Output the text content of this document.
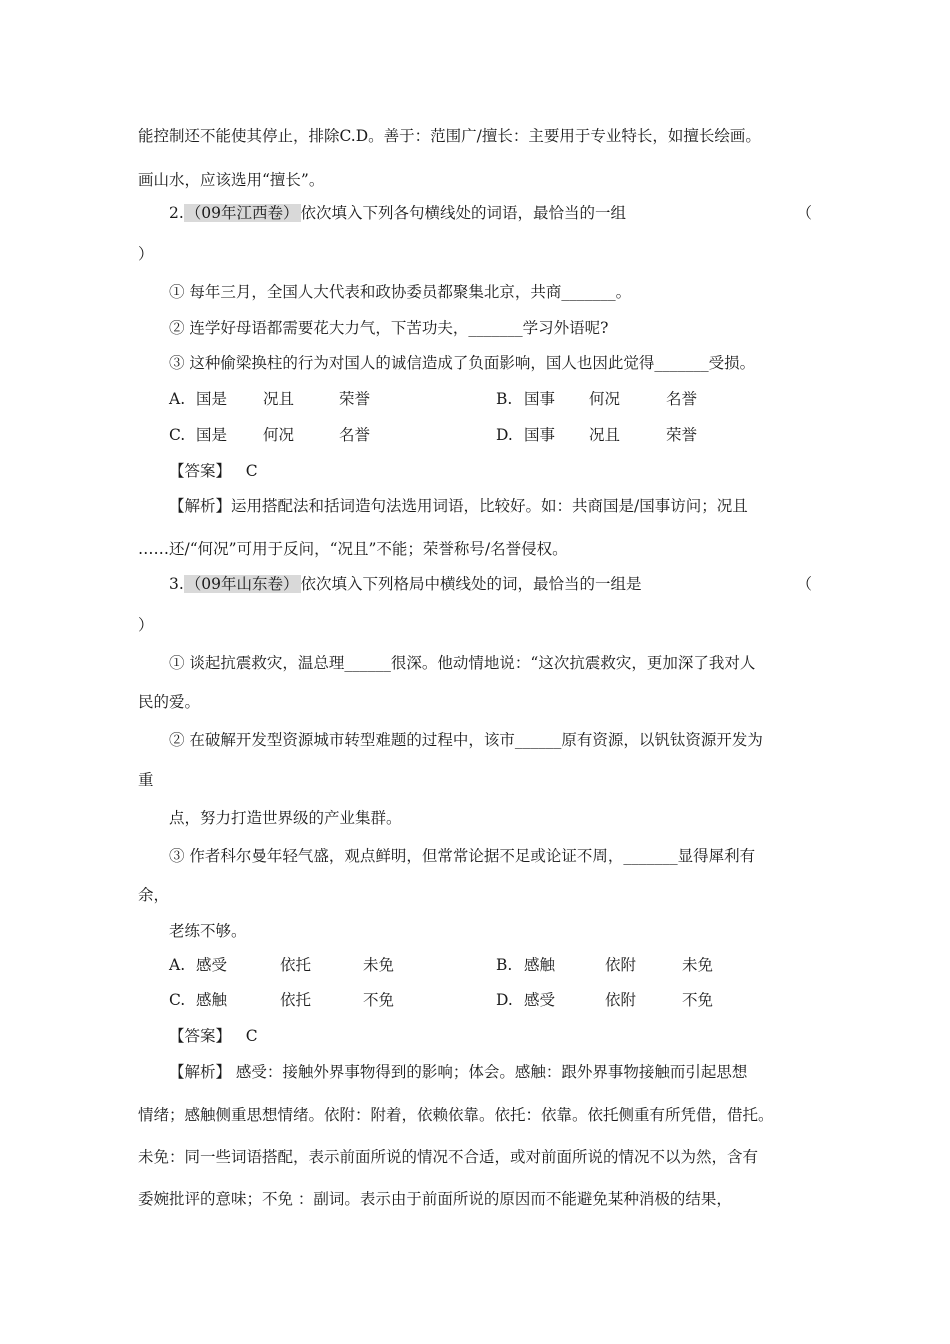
能控制还不能使其停止，排除C.D。善于：范围广/擅长：主要用于专业特长，如擅长绘画。
画山水，应该选用“擅长”。
2. （09年江西卷） 依次填入下列各句横线处的词语，最恰当的一组	（
）
① 每年三月，全国人大代表和政协委员都聚集北京，共商_______。
② 连学好母语都需要花大力气，下苦功夫，_______学习外语呢?
③ 这种偷梁换柱的行为对国人的诚信造成了负面影响，国人也因此觉得_______受损。
A. 国是 况且	荣誉	B. 国事 何况	名誉
C. 国是 何况	名誉	D. 国事 况且	荣誉
【答案】 C
【解析】运用搭配法和括词造句法选用词语，比较好。如：共商国是/国事访问；况且
……还/“何况”可用于反问，“况且”不能；荣誉称号/名誉侵权。
3. （09年山东卷） 依次填入下列格局中横线处的词，最恰当的一组是	（
）
① 谈起抗震救灾，温总理______很深。他动情地说：“这次抗震救灾，更加深了我对人
民的爱。
② 在破解开发型资源城市转型难题的过程中，该市______原有资源，以钒钛资源开发为
重
点，努力打造世界级的产业集群。
③ 作者科尔曼年轻气盛，观点鲜明，但常常论据不足或论证不周，_______显得犀利有
余，
老练不够。
A. 感受	依托	未免	B. 感触	依附	未免
C. 感触	依托	不免	D. 感受	依附	不免
【答案】 C
【解析】 感受：接触外界事物得到的影响；体会。感触：跟外界事物接触而引起思想
情绪；感触侧重思想情绪。依附：附着，依赖依靠。依托：依靠。依托侧重有所凭借，借托。
未免：同一些词语搭配，表示前面所说的情况不合适，或对前面所说的情况不以为然，含有
委婉批评的意味；不免 ：副词。表示由于前面所说的原因而不能避免某种消极的结果，
